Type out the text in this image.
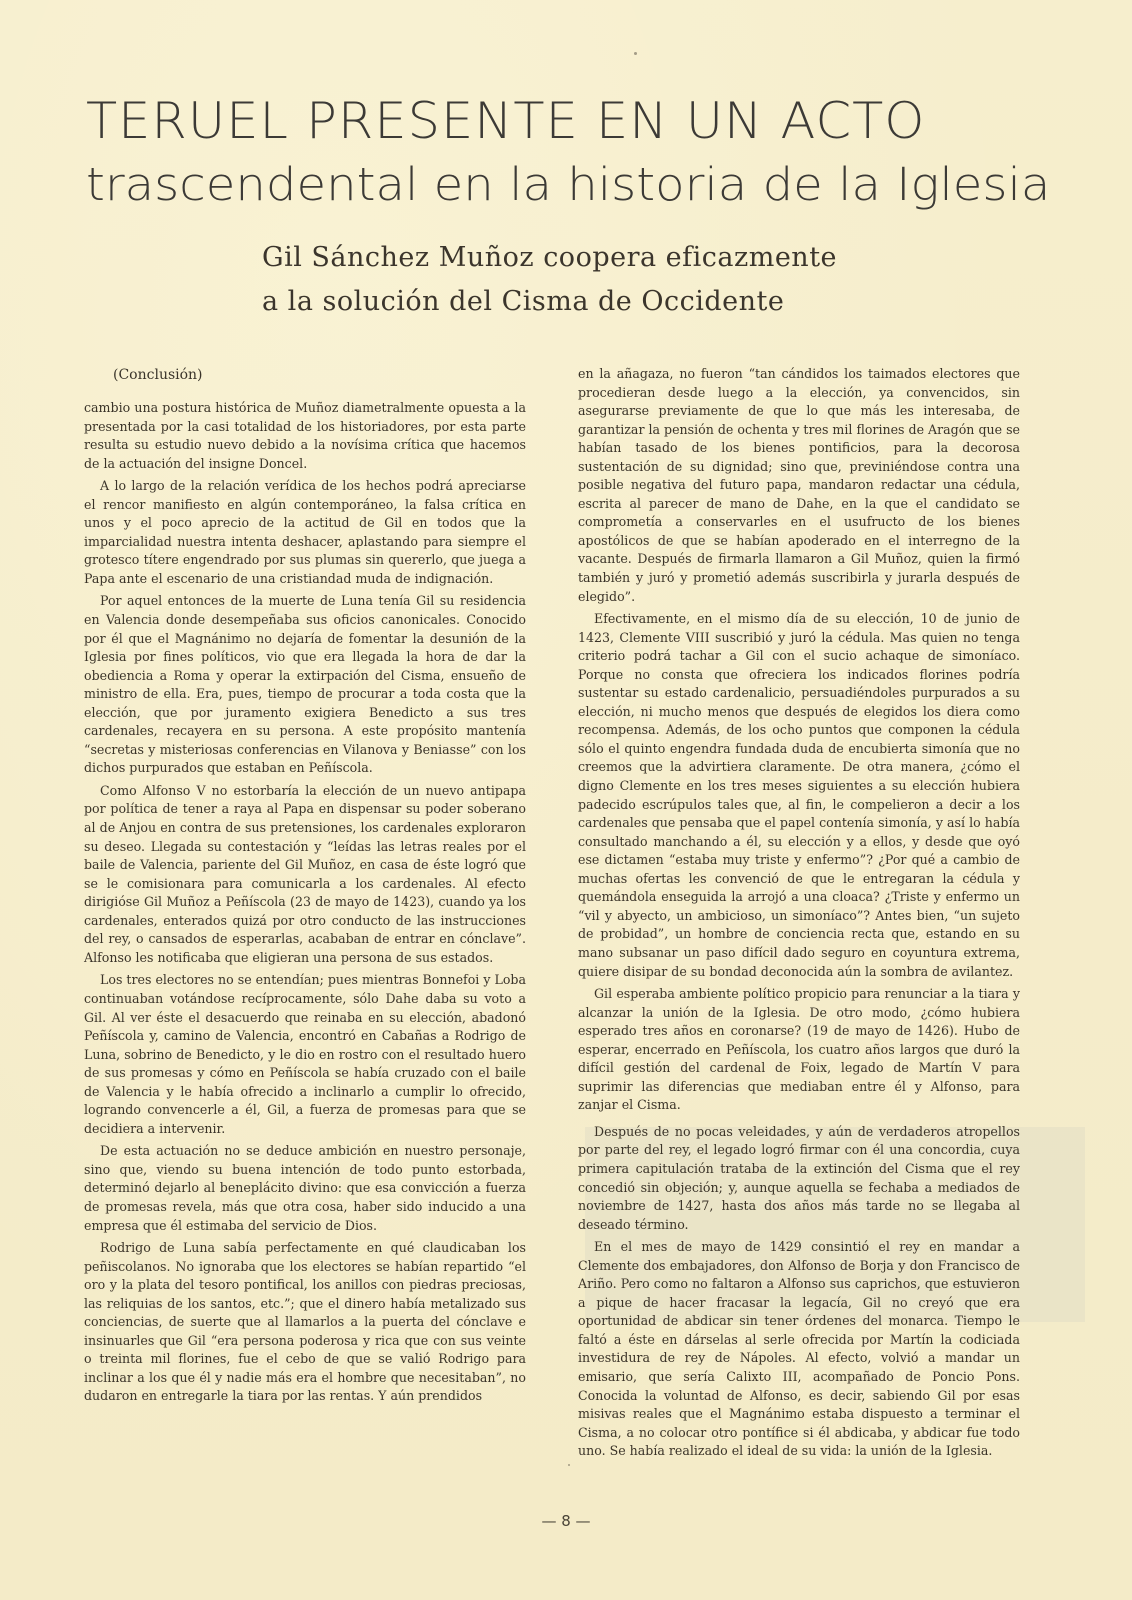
TERUEL PRESENTE EN UN ACTO
trascendental en la historia de la Iglesia
Gil Sánchez Muñoz coopera eficazmente
a la solución del Cisma de Occidente
(Conclusión)

cambio una postura histórica de Muñoz diametralmente opuesta a la presentada por la casi totalidad de los historiadores, por esta parte resulta su estudio nuevo debido a la novísima crítica que hacemos de la actuación del insigne Doncel.

A lo largo de la relación verídica de los hechos podrá apreciarse el rencor manifiesto en algún contemporáneo, la falsa crítica en unos y el poco aprecio de la actitud de Gil en todos que la imparcialidad nuestra intenta deshacer, aplastando para siempre el grotesco títere engendrado por sus plumas sin quererlo, que juega a Papa ante el escenario de una cristiandad muda de indignación.

Por aquel entonces de la muerte de Luna tenía Gil su residencia en Valencia donde desempeñaba sus oficios canonicales. Conocido por él que el Magnánimo no dejaría de fomentar la desunión de la Iglesia por fines políticos, vio que era llegada la hora de dar la obediencia a Roma y operar la extirpación del Cisma, ensueño de ministro de ella. Era, pues, tiempo de procurar a toda costa que la elección, que por juramento exigiera Benedicto a sus tres cardenales, recayera en su persona. A este propósito mantenía “secretas y misteriosas conferencias en Vilanova y Beniasse” con los dichos purpurados que estaban en Peñíscola.

Como Alfonso V no estorbaría la elección de un nuevo antipapa por política de tener a raya al Papa en dispensar su poder soberano al de Anjou en contra de sus pretensiones, los cardenales exploraron su deseo. Llegada su contestación y “leídas las letras reales por el baile de Valencia, pariente del Gil Muñoz, en casa de éste logró que se le comisionara para comunicarla a los cardenales. Al efecto dirigióse Gil Muñoz a Peñíscola (23 de mayo de 1423), cuando ya los cardenales, enterados quizá por otro conducto de las instrucciones del rey, o cansados de esperarlas, acababan de entrar en cónclave”. Alfonso les notificaba que eligieran una persona de sus estados.

Los tres electores no se entendían; pues mientras Bonnefoi y Loba continuaban votándose recíprocamente, sólo Dahe daba su voto a Gil. Al ver éste el desacuerdo que reinaba en su elección, abadonó Peñíscola y, camino de Valencia, encontró en Cabañas a Rodrigo de Luna, sobrino de Benedicto, y le dio en rostro con el resultado huero de sus promesas y cómo en Peñíscola se había cruzado con el baile de Valencia y le había ofrecido a inclinarlo a cumplir lo ofrecido, logrando convencerle a él, Gil, a fuerza de promesas para que se decidiera a intervenir.

De esta actuación no se deduce ambición en nuestro personaje, sino que, viendo su buena intención de todo punto estorbada, determinó dejarlo al beneplácito divino: que esa convicción a fuerza de promesas revela, más que otra cosa, haber sido inducido a una empresa que él estimaba del servicio de Dios.

Rodrigo de Luna sabía perfectamente en qué claudicaban los peñiscolanos. No ignoraba que los electores se habían repartido “el oro y la plata del tesoro pontifical, los anillos con piedras preciosas, las reliquias de los santos, etc.”; que el dinero había metalizado sus conciencias, de suerte que al llamarlos a la puerta del cónclave e insinuarles que Gil “era persona poderosa y rica que con sus veinte o treinta mil florines, fue el cebo de que se valió Rodrigo para inclinar a los que él y nadie más era el hombre que necesitaban”, no dudaron en entregarle la tiara por las rentas. Y aún prendidos

en la añagaza, no fueron “tan cándidos los taimados electores que procedieran desde luego a la elección, ya convencidos, sin asegurarse previamente de que lo que más les interesaba, de garantizar la pensión de ochenta y tres mil florines de Aragón que se habían tasado de los bienes pontificios, para la decorosa sustentación de su dignidad; sino que, previniéndose contra una posible negativa del futuro papa, mandaron redactar una cédula, escrita al parecer de mano de Dahe, en la que el candidato se comprometía a conservarles en el usufructo de los bienes apostólicos de que se habían apoderado en el interregno de la vacante. Después de firmarla llamaron a Gil Muñoz, quien la firmó también y juró y prometió además suscribirla y jurarla después de elegido”.

Efectivamente, en el mismo día de su elección, 10 de junio de 1423, Clemente VIII suscribió y juró la cédula. Mas quien no tenga criterio podrá tachar a Gil con el sucio achaque de simoníaco. Porque no consta que ofreciera los indicados florines podría sustentar su estado cardenalicio, persuadiéndoles purpurados a su elección, ni mucho menos que después de elegidos los diera como recompensa. Además, de los ocho puntos que componen la cédula sólo el quinto engendra fundada duda de encubierta simonía que no creemos que la advirtiera claramente. De otra manera, ¿cómo el digno Clemente en los tres meses siguientes a su elección hubiera padecido escrúpulos tales que, al fin, le compelieron a decir a los cardenales que pensaba que el papel contenía simonía, y así lo había consultado manchando a él, su elección y a ellos, y desde que oyó ese dictamen “estaba muy triste y enfermo”? ¿Por qué a cambio de muchas ofertas les convenció de que le entregaran la cédula y quemándola enseguida la arrojó a una cloaca? ¿Triste y enfermo un “vil y abyecto, un ambicioso, un simoníaco”? Antes bien, “un sujeto de probidad”, un hombre de conciencia recta que, estando en su mano subsanar un paso difícil dado seguro en coyuntura extrema, quiere disipar de su bondad deconocida aún la sombra de avilantez.

Gil esperaba ambiente político propicio para renunciar a la tiara y alcanzar la unión de la Iglesia. De otro modo, ¿cómo hubiera esperado tres años en coronarse? (19 de mayo de 1426). Hubo de esperar, encerrado en Peñíscola, los cuatro años largos que duró la difícil gestión del cardenal de Foix, legado de Martín V para suprimir las diferencias que mediaban entre él y Alfonso, para zanjar el Cisma.

Después de no pocas veleidades, y aún de verdaderos atropellos por parte del rey, el legado logró firmar con él una concordia, cuya primera capitulación trataba de la extinción del Cisma que el rey concedió sin objeción; y, aunque aquella se fechaba a mediados de noviembre de 1427, hasta dos años más tarde no se llegaba al deseado término.

En el mes de mayo de 1429 consintió el rey en mandar a Clemente dos embajadores, don Alfonso de Borja y don Francisco de Ariño. Pero como no faltaron a Alfonso sus caprichos, que estuvieron a pique de hacer fracasar la legacía, Gil no creyó que era oportunidad de abdicar sin tener órdenes del monarca. Tiempo le faltó a éste en dárselas al serle ofrecida por Martín la codiciada investidura de rey de Nápoles. Al efecto, volvió a mandar un emisario, que sería Calixto III, acompañado de Poncio Pons. Conocida la voluntad de Alfonso, es decir, sabiendo Gil por esas misivas reales que el Magnánimo estaba dispuesto a terminar el Cisma, a no colocar otro pontífice si él abdicaba, y abdicar fue todo uno. Se había realizado el ideal de su vida: la unión de la Iglesia.

— 8 —
